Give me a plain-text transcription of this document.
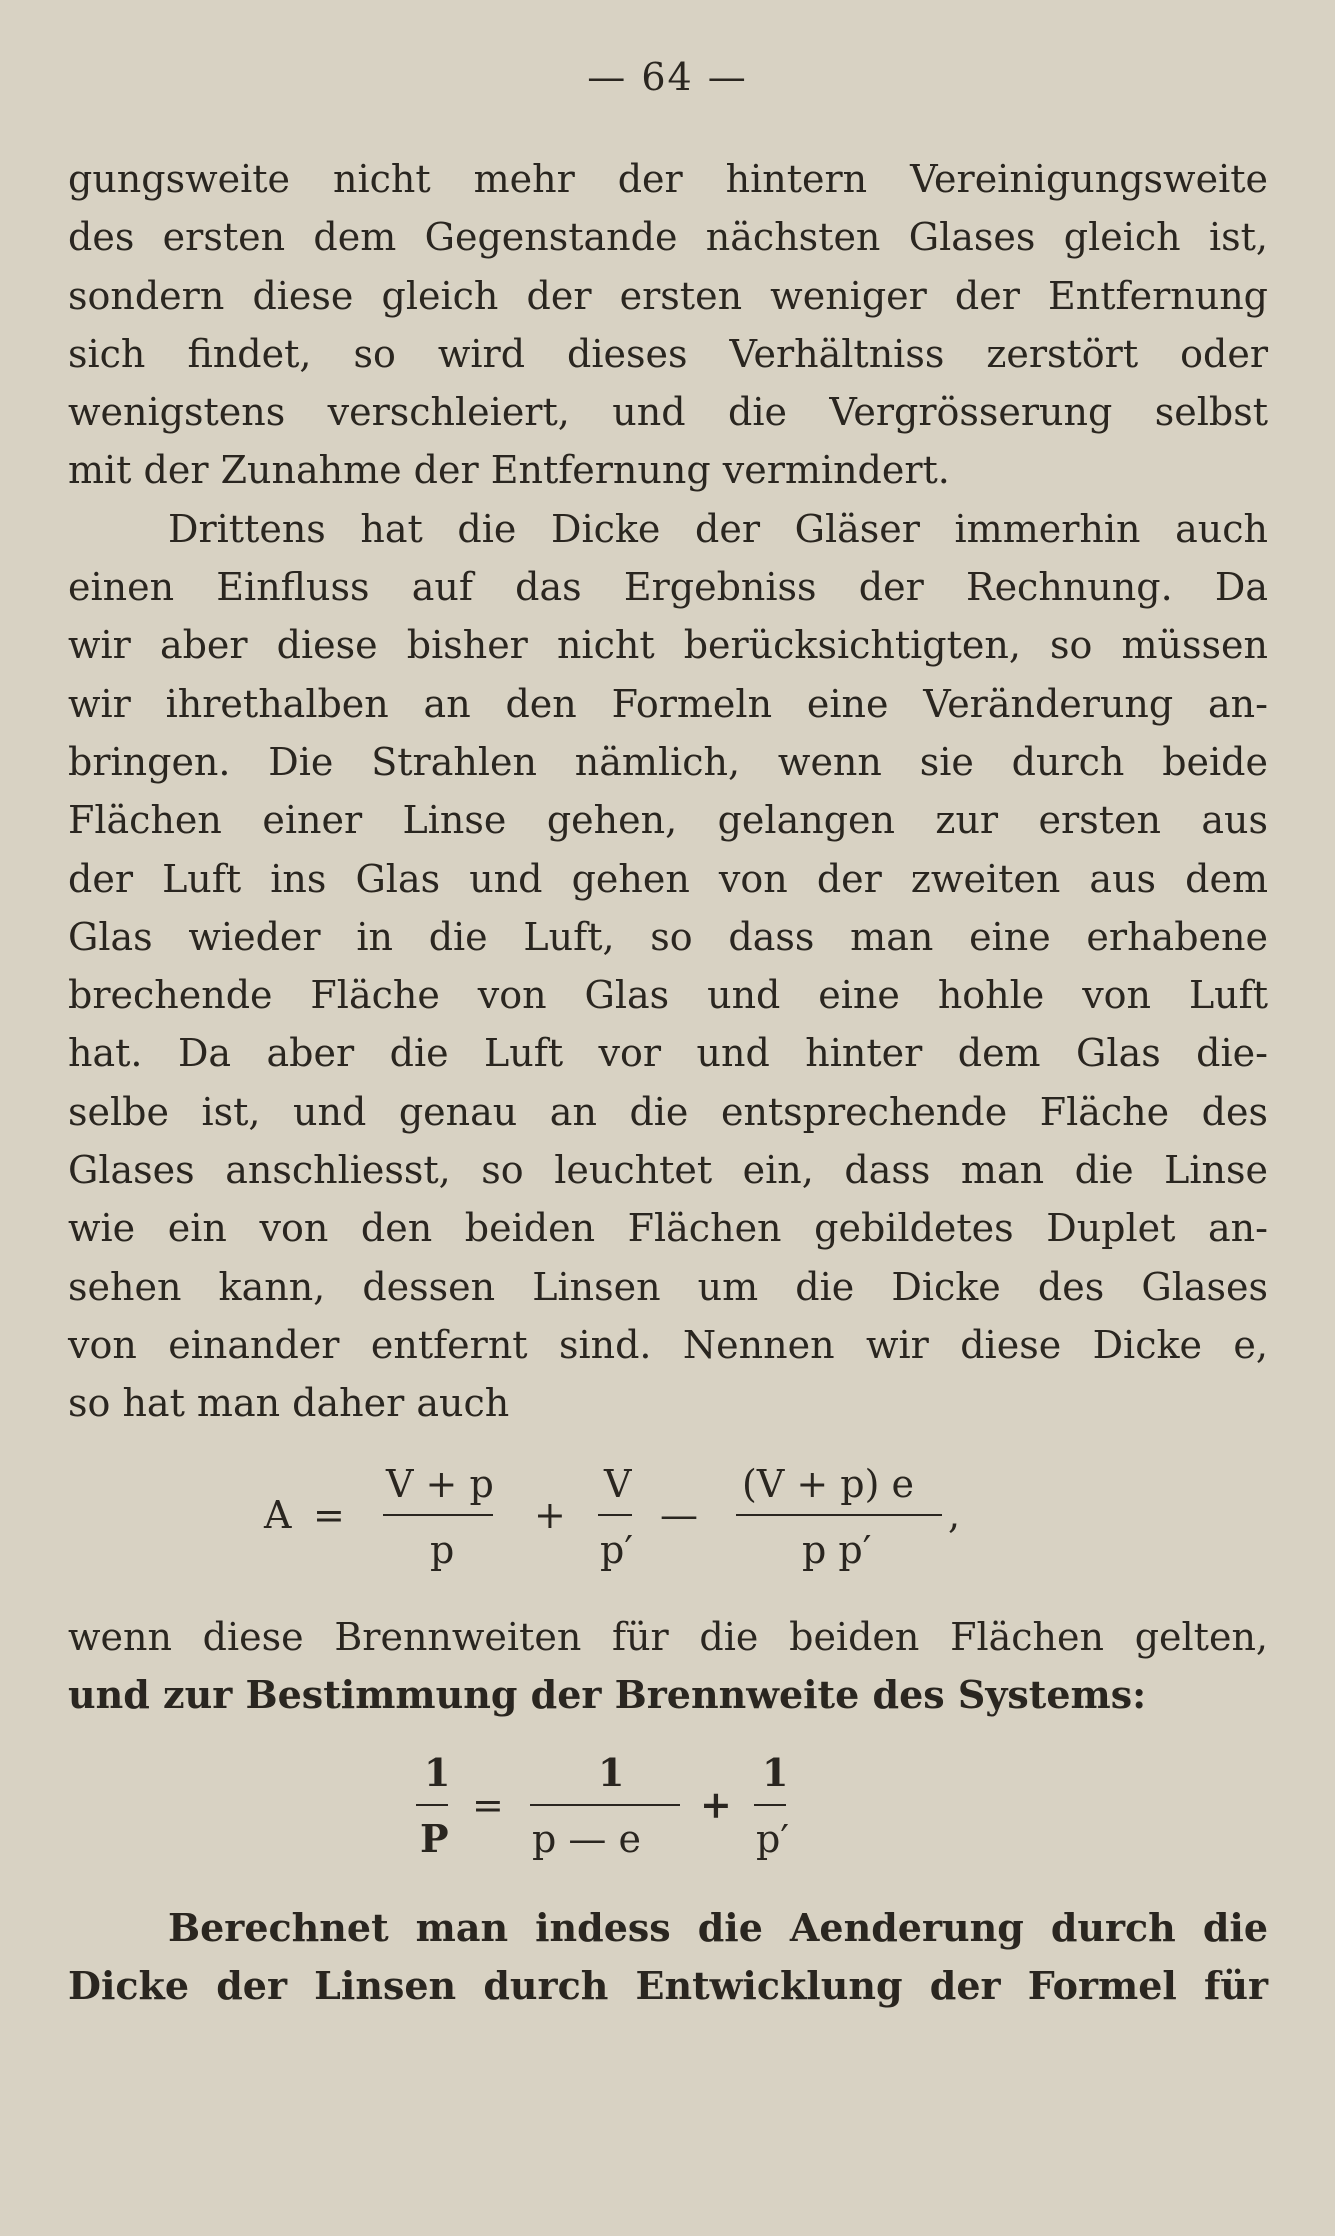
— 64 —
gungsweite nicht mehr der hintern Vereinigungsweite
des ersten dem Gegenstande nächsten Glases gleich ist,
sondern diese gleich der ersten weniger der Entfernung
sich findet, so wird dieses Verhältniss zerstört oder
wenigstens verschleiert, und die Vergrösserung selbst
mit der Zunahme der Entfernung vermindert.
Drittens hat die Dicke der Gläser immerhin auch
einen Einfluss auf das Ergebniss der Rechnung. Da
wir aber diese bisher nicht berücksichtigten, so müssen
wir ihrethalben an den Formeln eine Veränderung an-
bringen. Die Strahlen nämlich, wenn sie durch beide
Flächen einer Linse gehen, gelangen zur ersten aus
der Luft ins Glas und gehen von der zweiten aus dem
Glas wieder in die Luft, so dass man eine erhabene
brechende Fläche von Glas und eine hohle von Luft
hat. Da aber die Luft vor und hinter dem Glas die-
selbe ist, und genau an die entsprechende Fläche des
Glases anschliesst, so leuchtet ein, dass man die Linse
wie ein von den beiden Flächen gebildetes Duplet an-
sehen kann, dessen Linsen um die Dicke des Glases
von einander entfernt sind. Nennen wir diese Dicke e,
so hat man daher auch
A =
V + p
p
+
V
p′
—
(V + p) e
p p′
,
wenn diese Brennweiten für die beiden Flächen gelten,
und zur Bestimmung der Brennweite des Systems:
1
P
=
1
p — e
+
1
p′
Berechnet man indess die Aenderung durch die
Dicke der Linsen durch Entwicklung der Formel für
